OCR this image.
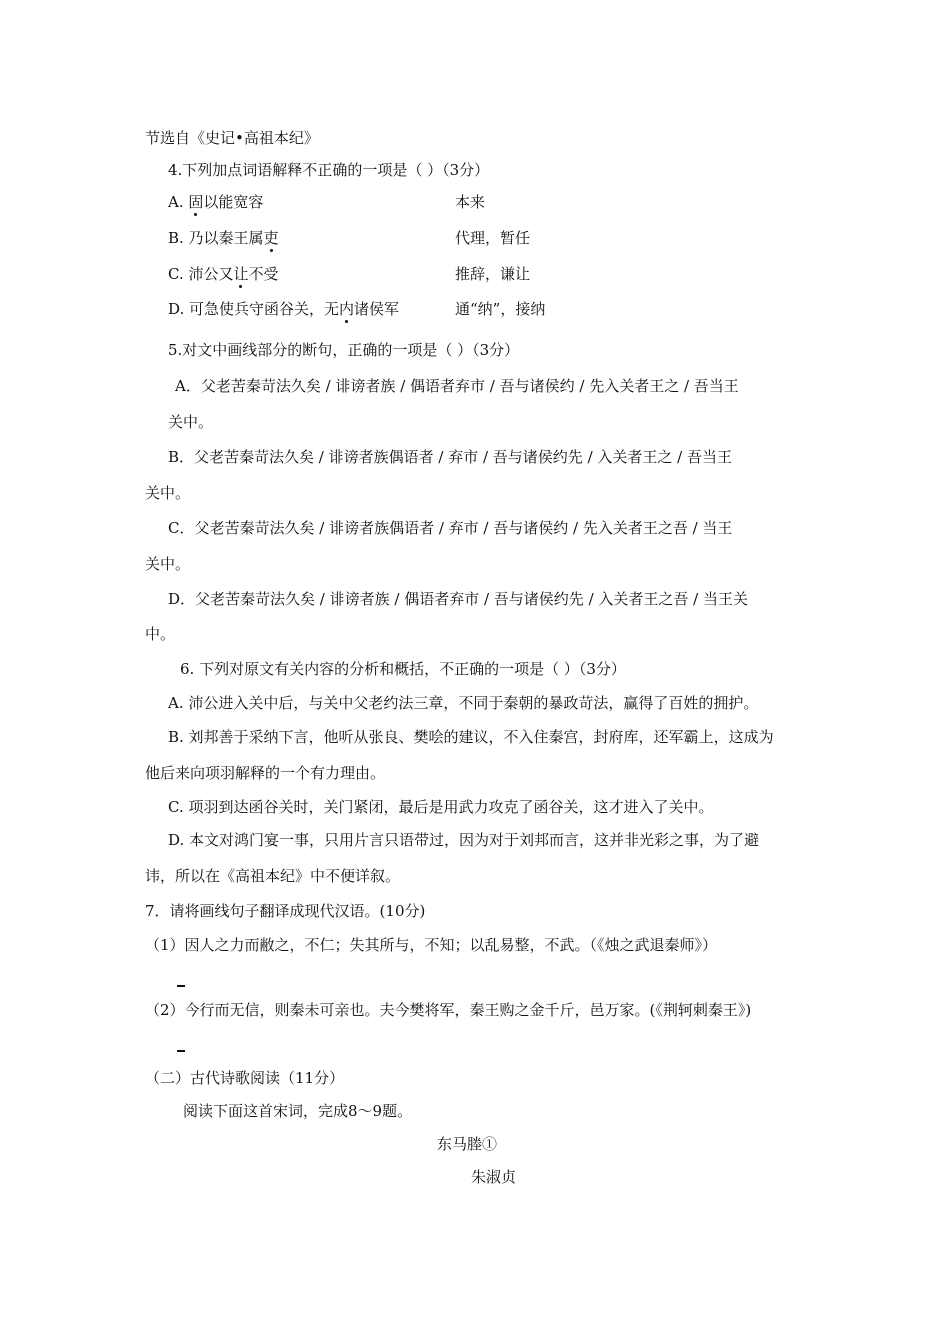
节选自《史记•高祖本纪》
4.下列加点词语解释不正确的一项是（ ）（3分）
A. 固以能宽容	本来
B. 乃以秦王属吏	代理，暂任
C. 沛公又让不受	推辞，谦让
D. 可急使兵守函谷关，无内诸侯军	通“纳”，接纳
5.对文中画线部分的断句，正确的一项是（ ）（3分）
A．父老苦秦苛法久矣 / 诽谤者族 / 偶语者弃市 / 吾与诸侯约 / 先入关者王之 / 吾当王
关中。
B．父老苦秦苛法久矣 / 诽谤者族偶语者 / 弃市 / 吾与诸侯约先 / 入关者王之 / 吾当王
关中。
C．父老苦秦苛法久矣 / 诽谤者族偶语者 / 弃市 / 吾与诸侯约 / 先入关者王之吾 / 当王
关中。
D．父老苦秦苛法久矣 / 诽谤者族 / 偶语者弃市 / 吾与诸侯约先 / 入关者王之吾 / 当王关
中。
6. 下列对原文有关内容的分析和概括，不正确的一项是（ ）（3分）
A. 沛公进入关中后，与关中父老约法三章，不同于秦朝的暴政苛法，赢得了百姓的拥护。
B. 刘邦善于采纳下言，他听从张良、樊哙的建议，不入住秦宫，封府库，还军霸上，这成为
他后来向项羽解释的一个有力理由。
C. 项羽到达函谷关时，关门紧闭，最后是用武力攻克了函谷关，这才进入了关中。
D. 本文对鸿门宴一事，只用片言只语带过，因为对于刘邦而言，这并非光彩之事，为了避
讳，所以在《高祖本纪》中不便详叙。
7．请将画线句子翻译成现代汉语。(10分)
（1）因人之力而敝之，不仁；失其所与，不知；以乱易整，不武。（《烛之武退秦师》）
（2）今行而无信，则秦未可亲也。夫今樊将军，秦王购之金千斤，邑万家。(《荆轲刺秦王》)
（二）古代诗歌阅读（11分）
阅读下面这首宋词，完成8～9题。
东马塍①
朱淑贞
